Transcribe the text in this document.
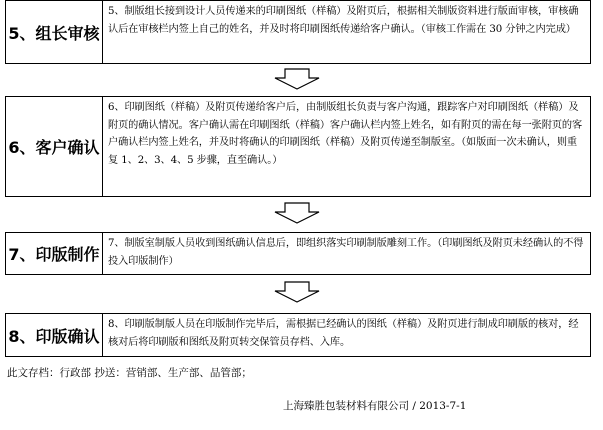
5、组长审核
5、制版组长接到设计人员传递来的印刷图纸（样稿）及附页后，根据相关制版资料进行版面审核，审核确认后在审核栏内签上自己的姓名，并及时将印刷图纸传递给客户确认。（审核工作需在 30 分钟之内完成）
6、客户确认
6、印刷图纸（样稿）及附页传递给客户后，由制版组长负责与客户沟通，跟踪客户对印刷图纸（样稿）及附页的确认情况。客户确认需在印刷图纸（样稿）客户确认栏内签上姓名，如有附页的需在每一张附页的客户确认栏内签上姓名，并及时将确认的印刷图纸（样稿）及附页传递至制版室。（如版面一次未确认，则重复 1、2、3、4、5 步骤，直至确认。）
7、印版制作
7、制版室制版人员收到图纸确认信息后，即组织落实印刷制版雕刻工作。（印刷图纸及附页未经确认的不得投入印版制作）
8、印版确认
8、印刷版制版人员在印版制作完毕后，需根据已经确认的图纸（样稿）及附页进行制成印刷版的核对，经核对后将印刷版和图纸及附页转交保管员存档、入库。
此文存档：行政部 抄送：营销部、生产部、品管部；
上海臻胜包装材料有限公司 / 2013-7-1
